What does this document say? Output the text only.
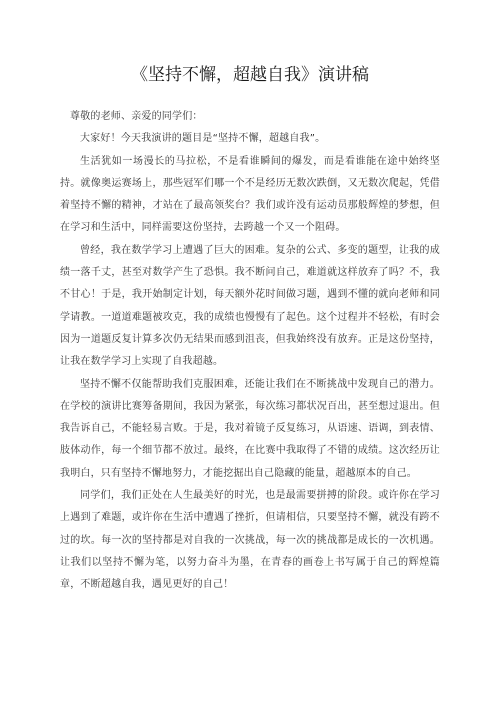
《坚持不懈，超越自我》演讲稿

尊敬的老师、亲爱的同学们：

大家好！今天我演讲的题目是“坚持不懈，超越自我”。

生活犹如一场漫长的马拉松，不是看谁瞬间的爆发，而是看谁能在途中始终坚持。就像奥运赛场上，那些冠军们哪一个不是经历无数次跌倒，又无数次爬起，凭借着坚持不懈的精神，才站在了最高领奖台？我们或许没有运动员那般辉煌的梦想，但在学习和生活中，同样需要这份坚持，去跨越一个又一个阻碍。

曾经，我在数学学习上遭遇了巨大的困难。复杂的公式、多变的题型，让我的成绩一落千丈，甚至对数学产生了恐惧。我不断问自己，难道就这样放弃了吗？不，我不甘心！于是，我开始制定计划，每天额外花时间做习题，遇到不懂的就向老师和同学请教。一道道难题被攻克，我的成绩也慢慢有了起色。这个过程并不轻松，有时会因为一道题反复计算多次仍无结果而感到沮丧，但我始终没有放弃。正是这份坚持，让我在数学学习上实现了自我超越。

坚持不懈不仅能帮助我们克服困难，还能让我们在不断挑战中发现自己的潜力。在学校的演讲比赛筹备期间，我因为紧张，每次练习都状况百出，甚至想过退出。但我告诉自己，不能轻易言败。于是，我对着镜子反复练习，从语速、语调，到表情、肢体动作，每一个细节都不放过。最终，在比赛中我取得了不错的成绩。这次经历让我明白，只有坚持不懈地努力，才能挖掘出自己隐藏的能量，超越原本的自己。

同学们，我们正处在人生最美好的时光，也是最需要拼搏的阶段。或许你在学习上遇到了难题，或许你在生活中遭遇了挫折，但请相信，只要坚持不懈，就没有跨不过的坎。每一次的坚持都是对自我的一次挑战，每一次的挑战都是成长的一次机遇。让我们以坚持不懈为笔，以努力奋斗为墨，在青春的画卷上书写属于自己的辉煌篇章，不断超越自我，遇见更好的自己！
